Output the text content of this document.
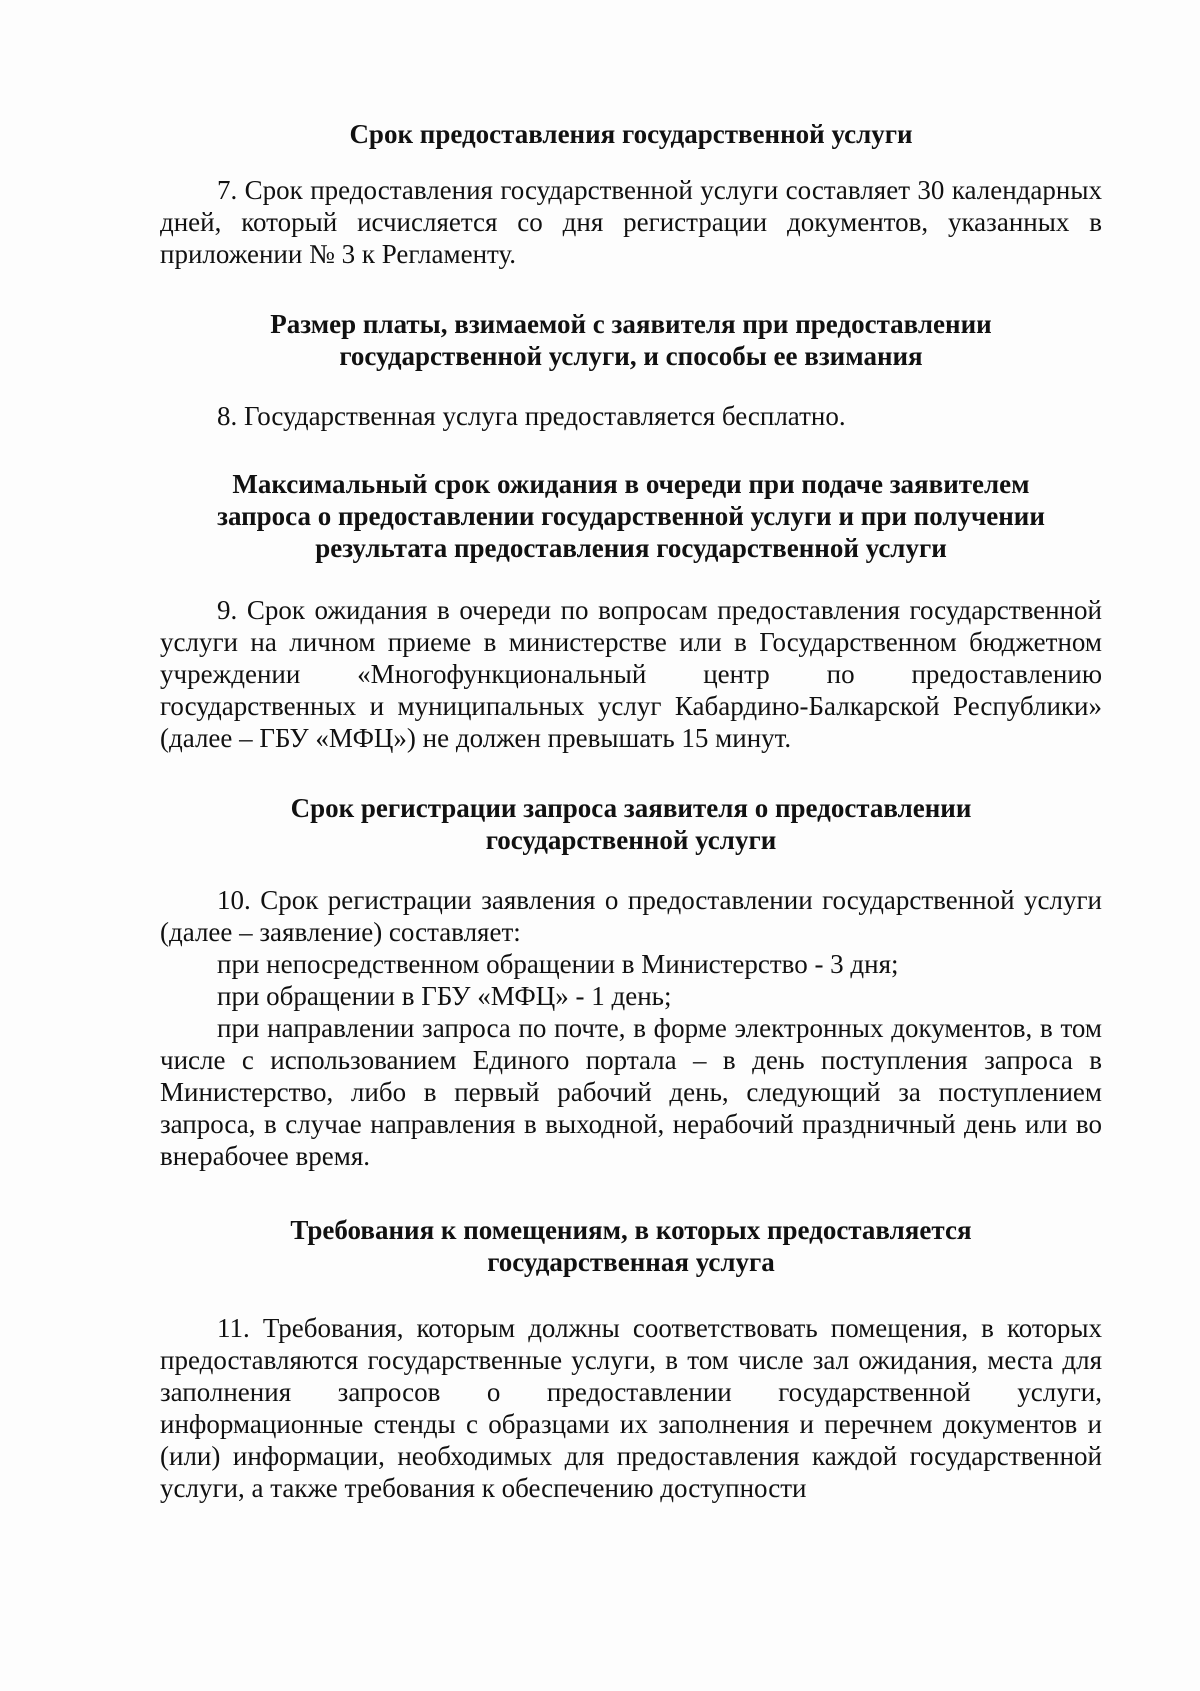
Срок предоставления государственной услуги

7. Срок предоставления государственной услуги составляет 30 календарных дней, который исчисляется со дня регистрации документов, указанных в приложении № 3 к Регламенту.

Размер платы, взимаемой с заявителя при предоставлении
государственной услуги, и способы ее взимания

8. Государственная услуга предоставляется бесплатно.

Максимальный срок ожидания в очереди при подаче заявителем
запроса о предоставлении государственной услуги и при получении
результата предоставления государственной услуги

9. Срок ожидания в очереди по вопросам предоставления государственной услуги на личном приеме в министерстве или в Государственном бюджетном учреждении «Многофункциональный центр по предоставлению государственных и муниципальных услуг Кабардино-Балкарской Республики» (далее – ГБУ «МФЦ») не должен превышать 15 минут.

Срок регистрации запроса заявителя о предоставлении
государственной услуги

10. Срок регистрации заявления о предоставлении государственной услуги (далее – заявление) составляет:

при непосредственном обращении в Министерство - 3 дня;

при обращении в ГБУ «МФЦ» - 1 день;

при направлении запроса по почте, в форме электронных документов, в том числе с использованием Единого портала – в день поступления запроса в Министерство, либо в первый рабочий день, следующий за поступлением запроса, в случае направления в выходной, нерабочий праздничный день или во внерабочее время.

Требования к помещениям, в которых предоставляется
государственная услуга

11. Требования, которым должны соответствовать помещения, в которых предоставляются государственные услуги, в том числе зал ожидания, места для заполнения запросов о предоставлении государственной услуги, информационные стенды с образцами их заполнения и перечнем документов и (или) информации, необходимых для предоставления каждой государственной услуги, а также требования к обеспечению доступности
